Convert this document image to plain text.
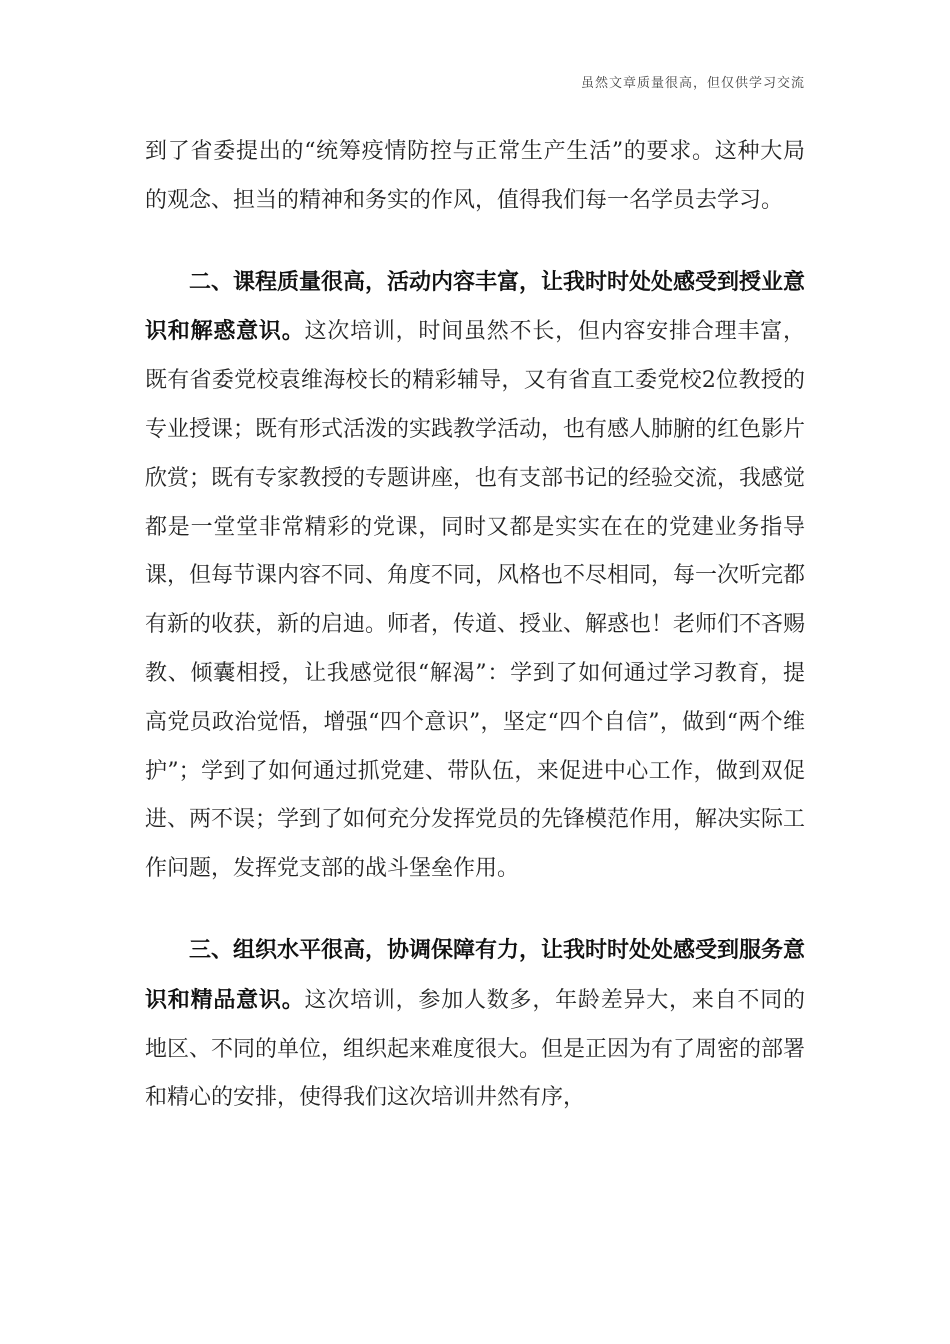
虽然文章质量很高，但仅供学习交流

到了省委提出的“统筹疫情防控与正常生产生活”的要求。这种大局的观念、担当的精神和务实的作风，值得我们每一名学员去学习。

二、课程质量很高，活动内容丰富，让我时时处处感受到授业意识和解惑意识。这次培训，时间虽然不长，但内容安排合理丰富，既有省委党校袁维海校长的精彩辅导，又有省直工委党校2位教授的专业授课；既有形式活泼的实践教学活动，也有感人肺腑的红色影片欣赏；既有专家教授的专题讲座，也有支部书记的经验交流，我感觉都是一堂堂非常精彩的党课，同时又都是实实在在的党建业务指导课，但每节课内容不同、角度不同，风格也不尽相同，每一次听完都有新的收获，新的启迪。师者，传道、授业、解惑也！老师们不吝赐教、倾囊相授，让我感觉很“解渴”：学到了如何通过学习教育，提高党员政治觉悟，增强“四个意识”，坚定“四个自信”，做到“两个维护”；学到了如何通过抓党建、带队伍，来促进中心工作，做到双促进、两不误；学到了如何充分发挥党员的先锋模范作用，解决实际工作问题，发挥党支部的战斗堡垒作用。

三、组织水平很高，协调保障有力，让我时时处处感受到服务意识和精品意识。这次培训，参加人数多，年龄差异大，来自不同的地区、不同的单位，组织起来难度很大。但是正因为有了周密的部署和精心的安排，使得我们这次培训井然有序，
